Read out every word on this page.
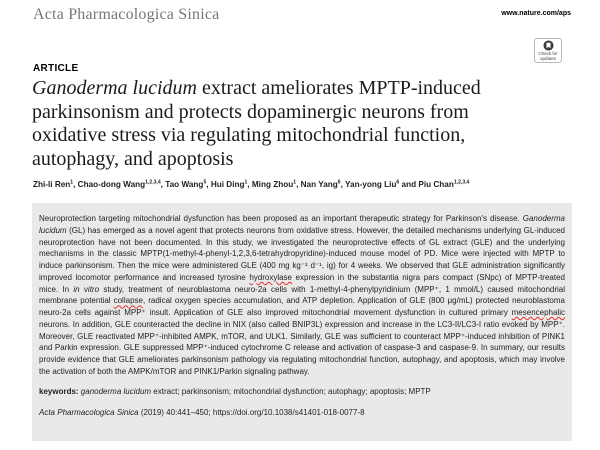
Acta Pharmacologica Sinica	www.nature.com/aps
Check for
updates
ARTICLE
Ganoderma lucidum extract ameliorates MPTP-induced parkinsonism and protects dopaminergic neurons from oxidative stress via regulating mitochondrial function, autophagy, and apoptosis
Zhi-li Ren$^1$, Chao-dong Wang$^{1,2,3,4}$, Tao Wang$^5$, Hui Ding$^1$, Ming Zhou$^1$, Nan Yang$^6$, Yan-yong Liu$^6$ and Piu Chan$^{1,2,3,4}$

Neuroprotection targeting mitochondrial dysfunction has been proposed as an important therapeutic strategy for Parkinson's disease. Ganoderma lucidum (GL) has emerged as a novel agent that protects neurons from oxidative stress. However, the detailed mechanisms underlying GL-induced neuroprotection have not been documented. In this study, we investigated the neuroprotective effects of GL extract (GLE) and the underlying mechanisms in the classic MPTP(1-methyl-4-phenyl-1,2,3,6-tetrahydropyridine)-induced mouse model of PD. Mice were injected with MPTP to induce parkinsonism. Then the mice were administered GLE (400 mg kg⁻¹ d⁻¹, ig) for 4 weeks. We observed that GLE administration significantly improved locomotor performance and increased tyrosine hydroxylase expression in the substantia nigra pars compact (SNpc) of MPTP-treated mice. In in vitro study, treatment of neuroblastoma neuro-2a cells with 1-methyl-4-phenylpyridinium (MPP⁺, 1 mmol/L) caused mitochondrial membrane potential collapse, radical oxygen species accumulation, and ATP depletion. Application of GLE (800 μg/mL) protected neuroblastoma neuro-2a cells against MPP⁺ insult. Application of GLE also improved mitochondrial movement dysfunction in cultured primary mesencephalic neurons. In addition, GLE counteracted the decline in NIX (also called BNIP3L) expression and increase in the LC3-II/LC3-I ratio evoked by MPP⁺. Moreover, GLE reactivated MPP⁺-inhibited AMPK, mTOR, and ULK1. Similarly, GLE was sufficient to counteract MPP⁺-induced inhibition of PINK1 and Parkin expression. GLE suppressed MPP⁺-induced cytochrome C release and activation of caspase-3 and caspase-9. In summary, our results provide evidence that GLE ameliorates parkinsonism pathology via regulating mitochondrial function, autophagy, and apoptosis, which may involve the activation of both the AMPK/mTOR and PINK1/Parkin signaling pathway.

keywords: ganoderma lucidum extract; parkinsonism; mitochondrial dysfunction; autophagy; apoptosis; MPTP

Acta Pharmacologica Sinica (2019) 40:441–450; https://doi.org/10.1038/s41401-018-0077-8
